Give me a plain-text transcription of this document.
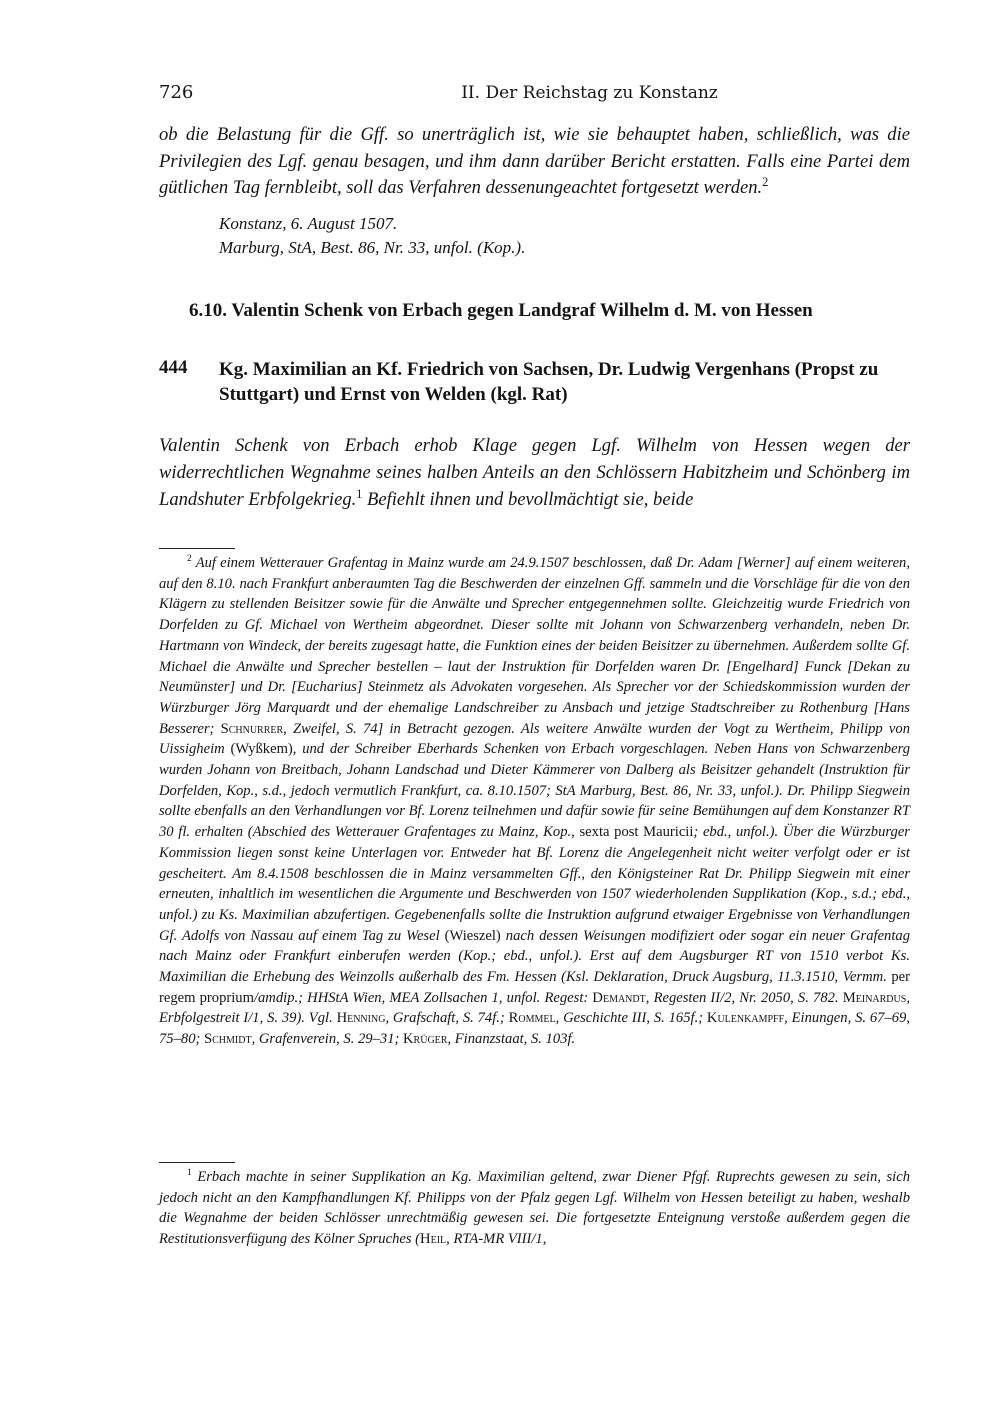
726	II. Der Reichstag zu Konstanz
ob die Belastung für die Gff. so unerträglich ist, wie sie behauptet haben, schließlich, was die Privilegien des Lgf. genau besagen, und ihm dann darüber Bericht erstatten. Falls eine Partei dem gütlichen Tag fernbleibt, soll das Verfahren dessenungeachtet fortgesetzt werden.$^2$
Konstanz, 6. August 1507.
Marburg, StA, Best. 86, Nr. 33, unfol. (Kop.).
6.10. Valentin Schenk von Erbach gegen Landgraf Wilhelm d. M. von Hessen
444 Kg. Maximilian an Kf. Friedrich von Sachsen, Dr. Ludwig Vergenhans (Propst zu Stuttgart) und Ernst von Welden (kgl. Rat)
Valentin Schenk von Erbach erhob Klage gegen Lgf. Wilhelm von Hessen wegen der widerrechtlichen Wegnahme seines halben Anteils an den Schlössern Habitzheim und Schönberg im Landshuter Erbfolgekrieg.$^1$ Befiehlt ihnen und bevollmächtigt sie, beide
$^2$ Auf einem Wetterauer Grafentag in Mainz wurde am 24.9.1507 beschlossen, daß Dr. Adam [Werner] auf einem weiteren, auf den 8.10. nach Frankfurt anberaumten Tag die Beschwerden der einzelnen Gff. sammeln und die Vorschläge für die von den Klägern zu stellenden Beisitzer sowie für die Anwälte und Sprecher entgegennehmen sollte. Gleichzeitig wurde Friedrich von Dorfelden zu Gf. Michael von Wertheim abgeordnet. Dieser sollte mit Johann von Schwarzenberg verhandeln, neben Dr. Hartmann von Windeck, der bereits zugesagt hatte, die Funktion eines der beiden Beisitzer zu übernehmen. Außerdem sollte Gf. Michael die Anwälte und Sprecher bestellen – laut der Instruktion für Dorfelden waren Dr. [Engelhard] Funck [Dekan zu Neumünster] und Dr. [Eucharius] Steinmetz als Advokaten vorgesehen. Als Sprecher vor der Schiedskommission wurden der Würzburger Jörg Marquardt und der ehemalige Landschreiber zu Ansbach und jetzige Stadtschreiber zu Rothenburg [Hans Besserer; Schnurrer, Zweifel, S. 74] in Betracht gezogen. Als weitere Anwälte wurden der Vogt zu Wertheim, Philipp von Uissigheim (Wyßkem), und der Schreiber Eberhards Schenken von Erbach vorgeschlagen. Neben Hans von Schwarzenberg wurden Johann von Breitbach, Johann Landschad und Dieter Kämmerer von Dalberg als Beisitzer gehandelt (Instruktion für Dorfelden, Kop., s.d., jedoch vermutlich Frankfurt, ca. 8.10.1507; StA Marburg, Best. 86, Nr. 33, unfol.). Dr. Philipp Siegwein sollte ebenfalls an den Verhandlungen vor Bf. Lorenz teilnehmen und dafür sowie für seine Bemühungen auf dem Konstanzer RT 30 fl. erhalten (Abschied des Wetterauer Grafentages zu Mainz, Kop., sexta post Mauricii; ebd., unfol.). Über die Würzburger Kommission liegen sonst keine Unterlagen vor. Entweder hat Bf. Lorenz die Angelegenheit nicht weiter verfolgt oder er ist gescheitert. Am 8.4.1508 beschlossen die in Mainz versammelten Gff., den Königsteiner Rat Dr. Philipp Siegwein mit einer erneuten, inhaltlich im wesentlichen die Argumente und Beschwerden von 1507 wiederholenden Supplikation (Kop., s.d.; ebd., unfol.) zu Ks. Maximilian abzufertigen. Gegebenenfalls sollte die Instruktion aufgrund etwaiger Ergebnisse von Verhandlungen Gf. Adolfs von Nassau auf einem Tag zu Wesel (Wieszel) nach dessen Weisungen modifiziert oder sogar ein neuer Grafentag nach Mainz oder Frankfurt einberufen werden (Kop.; ebd., unfol.). Erst auf dem Augsburger RT von 1510 verbot Ks. Maximilian die Erhebung des Weinzolls außerhalb des Fm. Hessen (Ksl. Deklaration, Druck Augsburg, 11.3.1510, Vermm. per regem proprium/amdip.; HHStA Wien, MEA Zollsachen 1, unfol. Regest: Demandt, Regesten II/2, Nr. 2050, S. 782. Meinardus, Erbfolgestreit I/1, S. 39). Vgl. Henning, Grafschaft, S. 74f.; Rommel, Geschichte III, S. 165f.; Kulenkampff, Einungen, S. 67–69, 75–80; Schmidt, Grafenverein, S. 29–31; Krüger, Finanzstaat, S. 103f.
$^1$ Erbach machte in seiner Supplikation an Kg. Maximilian geltend, zwar Diener Pfgf. Ruprechts gewesen zu sein, sich jedoch nicht an den Kampfhandlungen Kf. Philipps von der Pfalz gegen Lgf. Wilhelm von Hessen beteiligt zu haben, weshalb die Wegnahme der beiden Schlösser unrechtmäßig gewesen sei. Die fortgesetzte Enteignung verstoße außerdem gegen die Restitutionsverfügung des Kölner Spruches (Heil, RTA-MR VIII/1,
